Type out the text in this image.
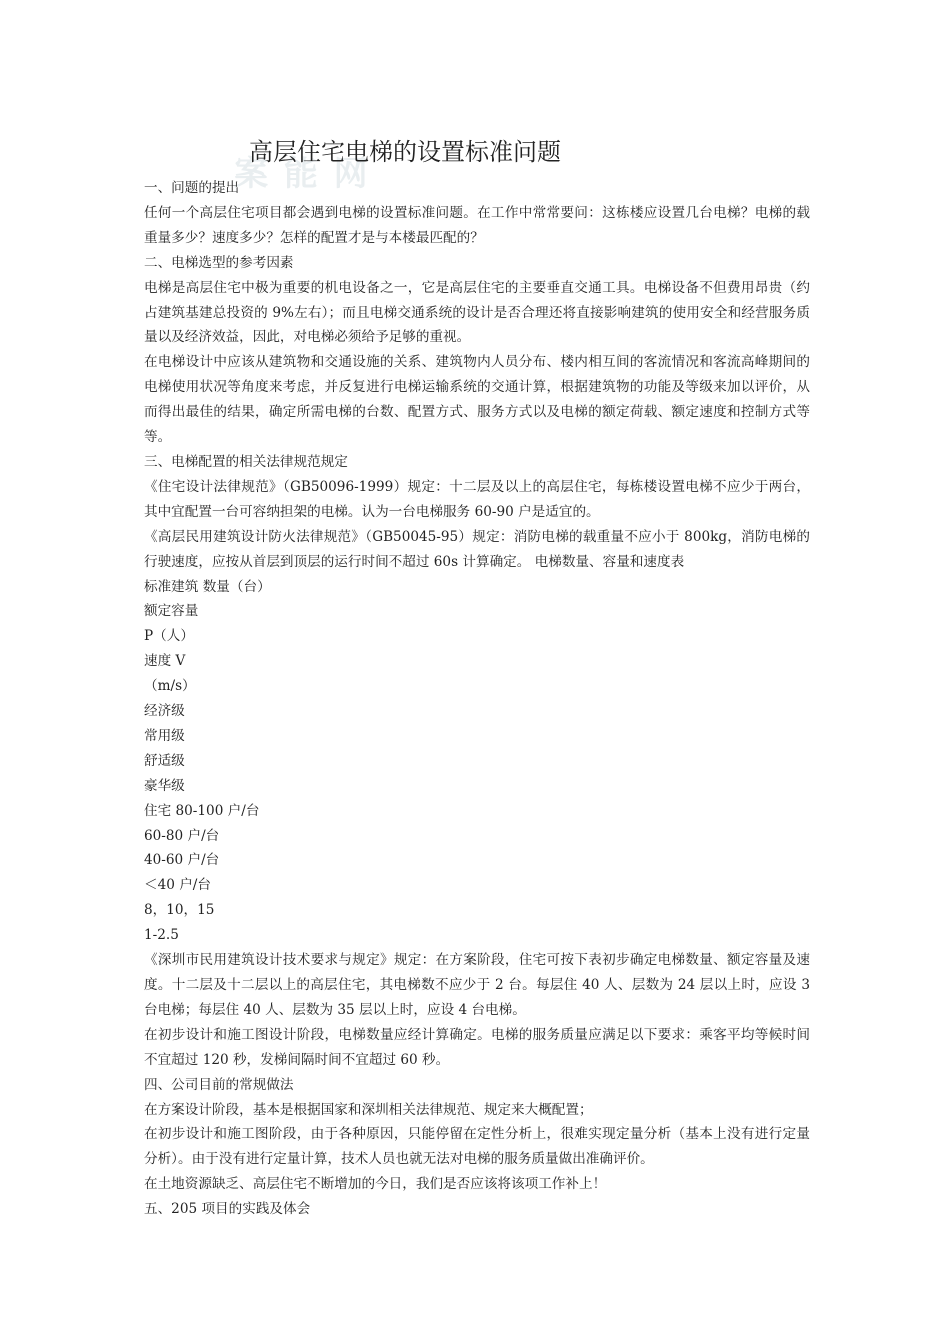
案 能 网
高层住宅电梯的设置标准问题

一、问题的提出

任何一个高层住宅项目都会遇到电梯的设置标准问题。在工作中常常要问：这栋楼应设置几台电梯？电梯的载重量多少？速度多少？怎样的配置才是与本楼最匹配的？

二、电梯选型的参考因素

电梯是高层住宅中极为重要的机电设备之一，它是高层住宅的主要垂直交通工具。电梯设备不但费用昂贵（约占建筑基建总投资的 9%左右）；而且电梯交通系统的设计是否合理还将直接影响建筑的使用安全和经营服务质量以及经济效益，因此，对电梯必须给予足够的重视。

在电梯设计中应该从建筑物和交通设施的关系、建筑物内人员分布、楼内相互间的客流情况和客流高峰期间的电梯使用状况等角度来考虑，并反复进行电梯运输系统的交通计算，根据建筑物的功能及等级来加以评价，从而得出最佳的结果，确定所需电梯的台数、配置方式、服务方式以及电梯的额定荷载、额定速度和控制方式等等。

三、电梯配置的相关法律规范规定

《住宅设计法律规范》（GB50096-1999）规定：十二层及以上的高层住宅，每栋楼设置电梯不应少于两台，其中宜配置一台可容纳担架的电梯。认为一台电梯服务 60-90 户是适宜的。

《高层民用建筑设计防火法律规范》（GB50045-95）规定：消防电梯的载重量不应小于 800kg，消防电梯的行驶速度，应按从首层到顶层的运行时间不超过 60s 计算确定。 电梯数量、容量和速度表

标准建筑 数量（台）

额定容量

P（人）

速度 V

（m/s）

经济级

常用级

舒适级

豪华级

住宅 80-100 户/台

60-80 户/台

40-60 户/台

＜40 户/台

8，10，15

1-2.5

《深圳市民用建筑设计技术要求与规定》规定：在方案阶段，住宅可按下表初步确定电梯数量、额定容量及速度。十二层及十二层以上的高层住宅，其电梯数不应少于 2 台。每层住 40 人、层数为 24 层以上时，应设 3 台电梯；每层住 40 人、层数为 35 层以上时，应设 4 台电梯。

在初步设计和施工图设计阶段，电梯数量应经计算确定。电梯的服务质量应满足以下要求：乘客平均等候时间不宜超过 120 秒，发梯间隔时间不宜超过 60 秒。

四、公司目前的常规做法

在方案设计阶段，基本是根据国家和深圳相关法律规范、规定来大概配置；

在初步设计和施工图阶段，由于各种原因，只能停留在定性分析上，很难实现定量分析（基本上没有进行定量分析）。由于没有进行定量计算，技术人员也就无法对电梯的服务质量做出准确评价。

在土地资源缺乏、高层住宅不断增加的今日，我们是否应该将该项工作补上！

五、205 项目的实践及体会
